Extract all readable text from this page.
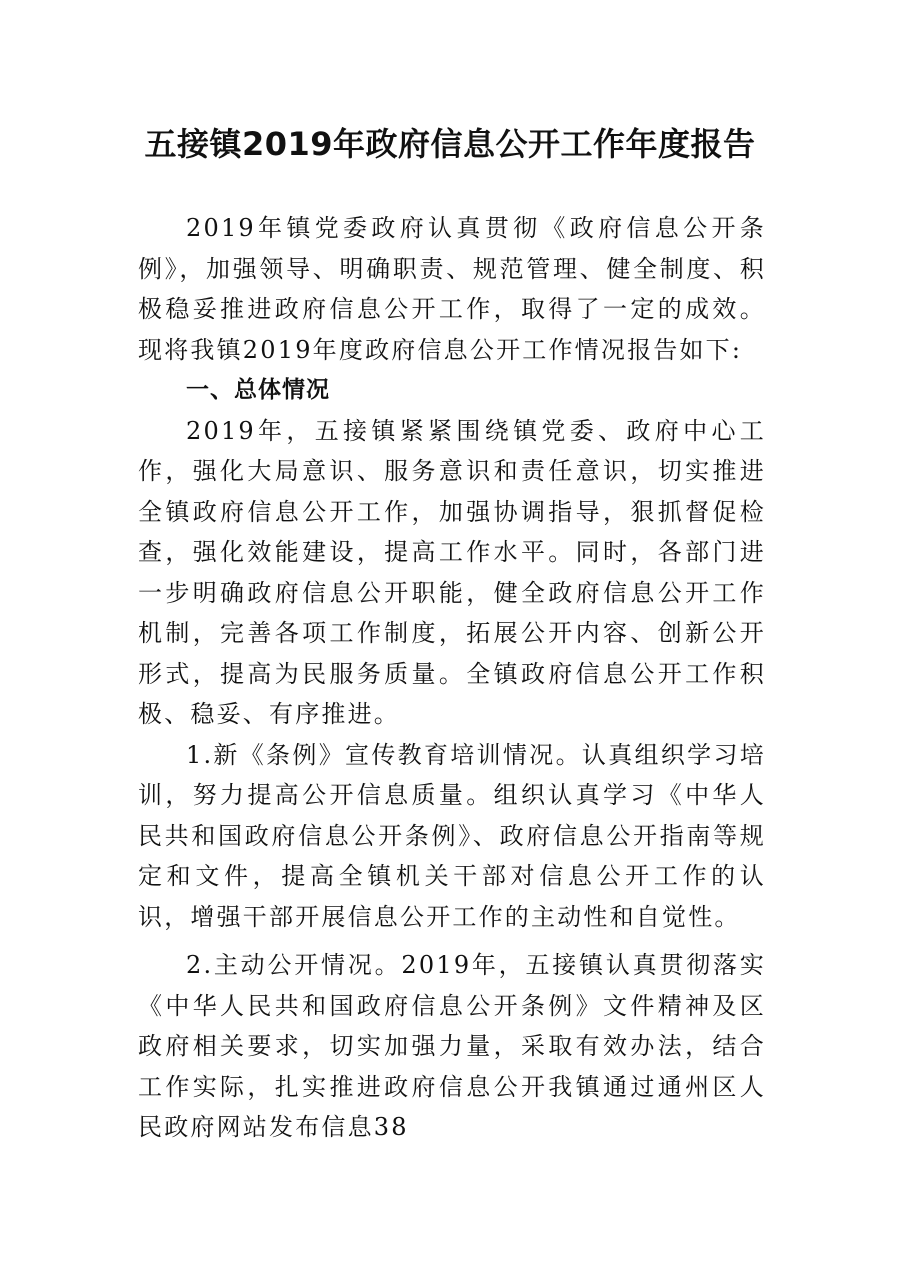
五接镇2019年政府信息公开工作年度报告

2019年镇党委政府认真贯彻《政府信息公开条例》，加强领导、明确职责、规范管理、健全制度、积极稳妥推进政府信息公开工作，取得了一定的成效。现将我镇2019年度政府信息公开工作情况报告如下:

一、总体情况

2019年，五接镇紧紧围绕镇党委、政府中心工作，强化大局意识、服务意识和责任意识，切实推进全镇政府信息公开工作，加强协调指导，狠抓督促检查，强化效能建设，提高工作水平。同时，各部门进一步明确政府信息公开职能，健全政府信息公开工作机制，完善各项工作制度，拓展公开内容、创新公开形式，提高为民服务质量。全镇政府信息公开工作积极、稳妥、有序推进。

1.新《条例》宣传教育培训情况。认真组织学习培训，努力提高公开信息质量。组织认真学习《中华人民共和国政府信息公开条例》、政府信息公开指南等规定和文件，提高全镇机关干部对信息公开工作的认识，增强干部开展信息公开工作的主动性和自觉性。

2.主动公开情况。2019年，五接镇认真贯彻落实《中华人民共和国政府信息公开条例》文件精神及区政府相关要求，切实加强力量，采取有效办法，结合工作实际，扎实推进政府信息公开我镇通过通州区人民政府网站发布信息38
